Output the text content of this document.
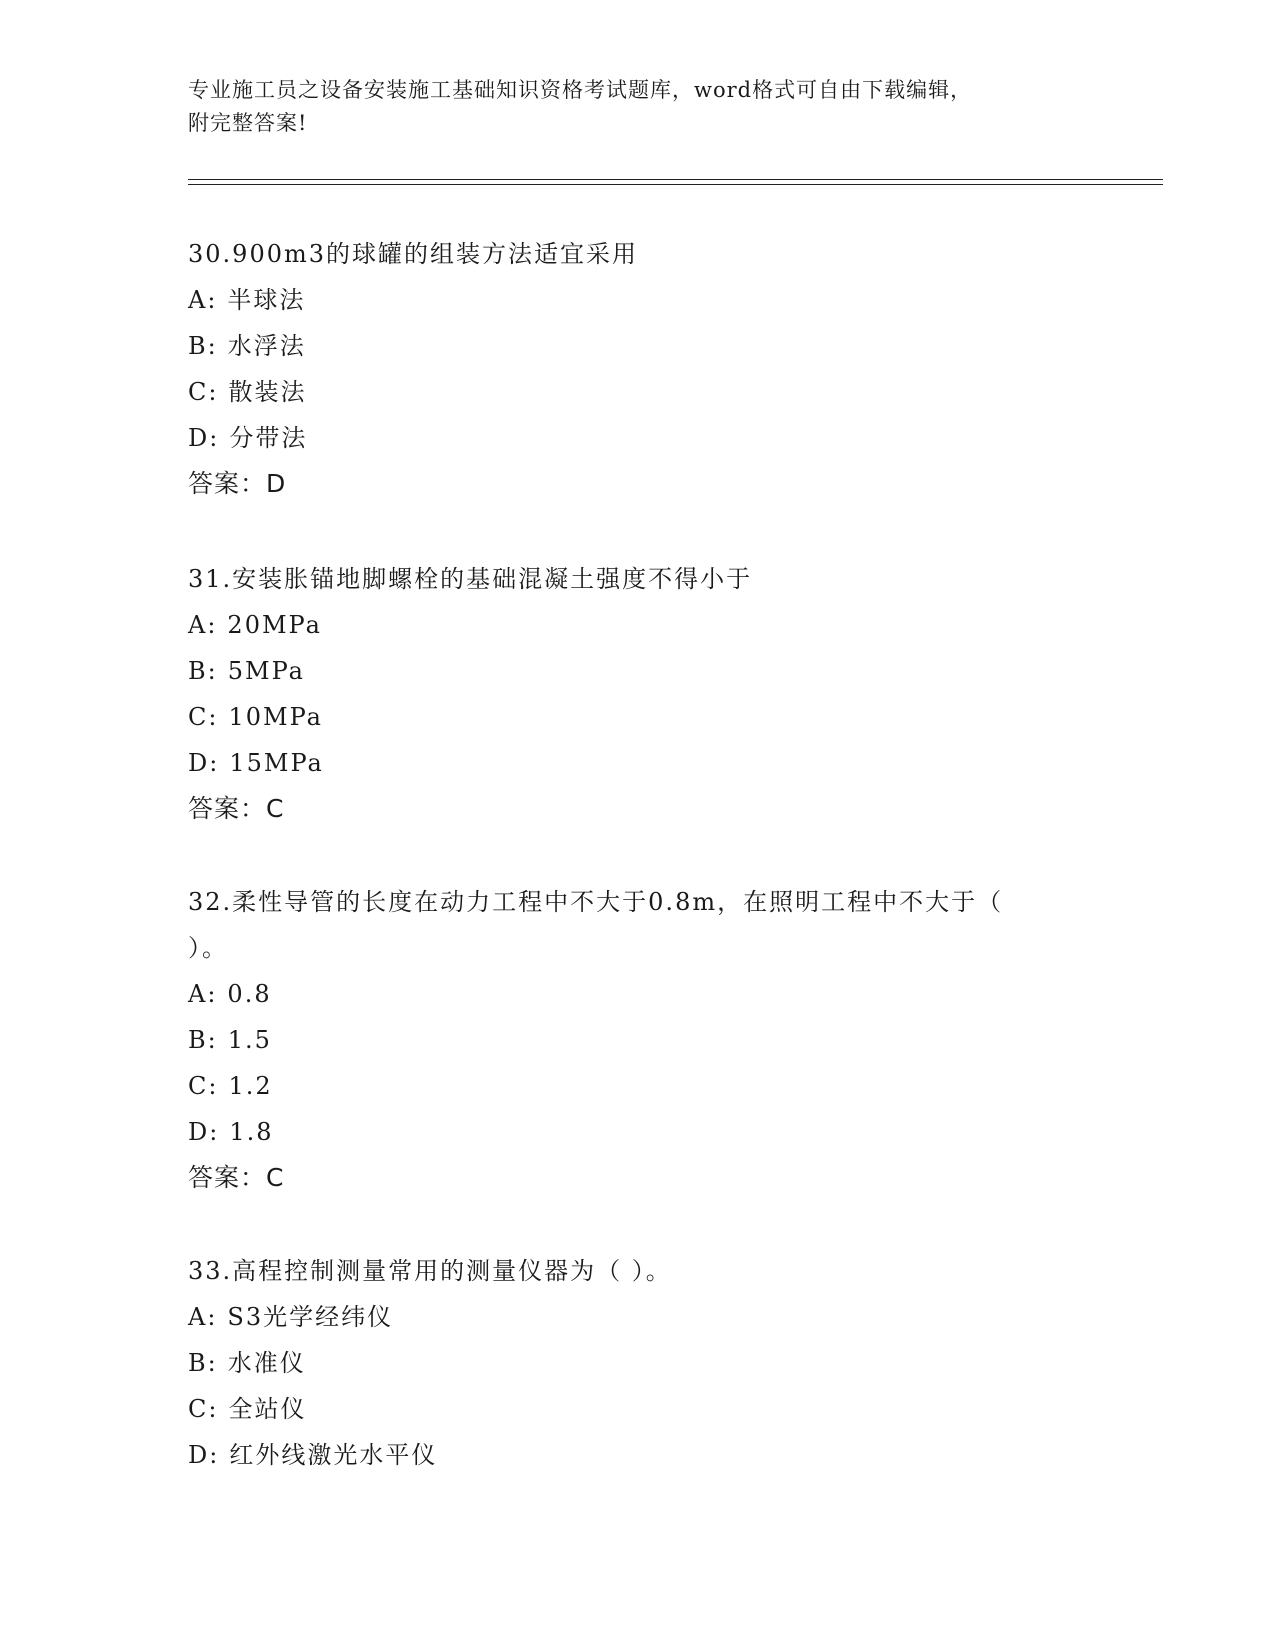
专业施工员之设备安装施工基础知识资格考试题库，word格式可自由下载编辑，
附完整答案!
30.900m3的球罐的组装方法适宜采用
A: 半球法
B: 水浮法
C: 散装法
D: 分带法
答案：D
31.安装胀锚地脚螺栓的基础混凝土强度不得小于
A: 20MPa
B: 5MPa
C: 10MPa
D: 15MPa
答案：C
32.柔性导管的长度在动力工程中不大于0.8m，在照明工程中不大于（
）。
A: 0.8
B: 1.5
C: 1.2
D: 1.8
答案：C
33.高程控制测量常用的测量仪器为（ ）。
A: S3光学经纬仪
B: 水准仪
C: 全站仪
D: 红外线激光水平仪
